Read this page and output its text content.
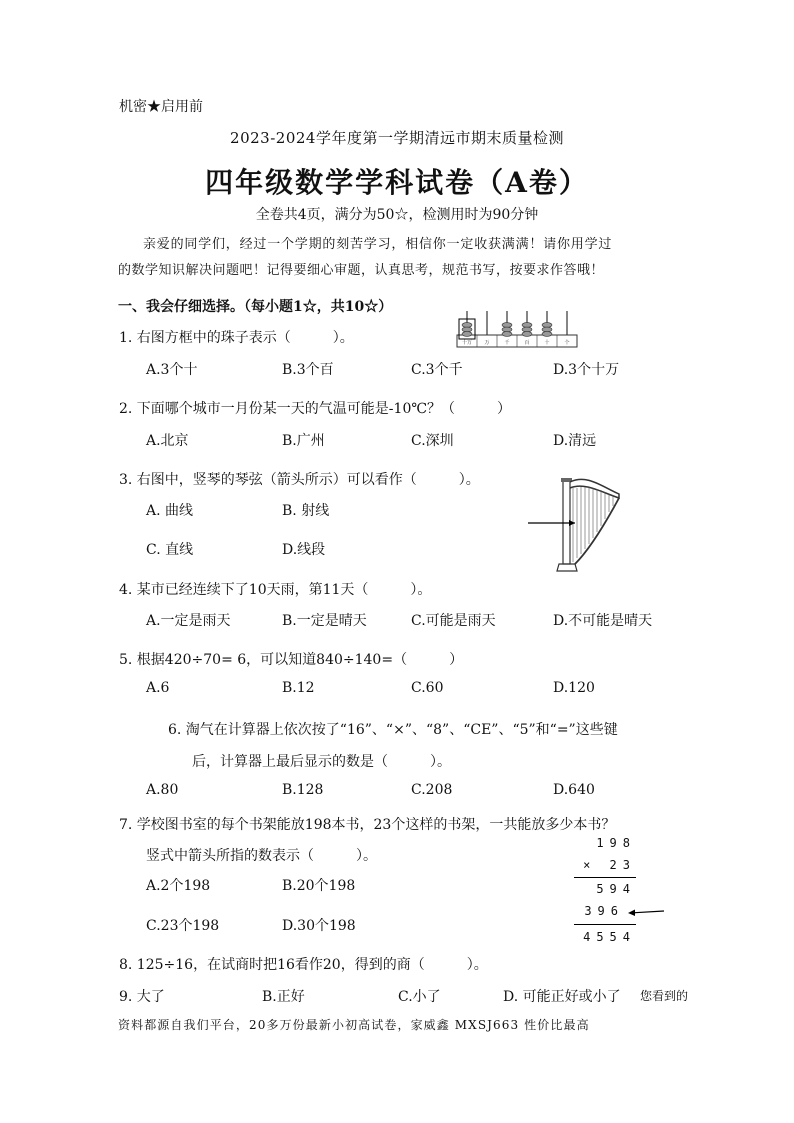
机密★启用前
2023-2024学年度第一学期清远市期末质量检测
四年级数学学科试卷（A卷）
全卷共4页，满分为50☆，检测用时为90分钟
亲爱的同学们，经过一个学期的刻苦学习，相信你一定收获满满！请你用学过
的数学知识解决问题吧！记得要细心审题，认真思考，规范书写，按要求作答哦！
一、我会仔细选择。（每小题1☆，共10☆）
十万 万	千	百	十	个
1. 右图方框中的珠子表示（　　　）。
A.3个十	B.3个百	C.3个千	D.3个十万
2. 下面哪个城市一月份某一天的气温可能是-10℃？（　　　）
A.北京	B.广州	C.深圳	D.清远
3. 右图中，竖琴的琴弦（箭头所示）可以看作（　　　）。
A. 曲线	B. 射线
C. 直线	D.线段
4. 某市已经连续下了10天雨，第11天（　　　）。
A.一定是雨天	B.一定是晴天	C.可能是雨天	D.不可能是晴天
5. 根据420÷70= 6，可以知道840÷140=（　　　）
A.6	B.12	C.60	D.120
6. 淘气在计算器上依次按了“16”、“×”、“8”、“CE”、“5”和“=”这些键
后，计算器上最后显示的数是（　　　）。
A.80	B.128	C.208	D.640
7. 学校图书室的每个书架能放198本书，23个这样的书架，一共能放多少本书？
竖式中箭头所指的数表示（　　　）。
A.2个198	B.20个198
C.23个198	D.30个198
198
× 23
594
396
4554
8. 125÷16，在试商时把16看作20，得到的商（　　　）。
9. 大了	B.正好	C.小了	D. 可能正好或小了 您看到的
资料都源自我们平台，20多万份最新小初高试卷，家威鑫 MXSJ663 性价比最高
